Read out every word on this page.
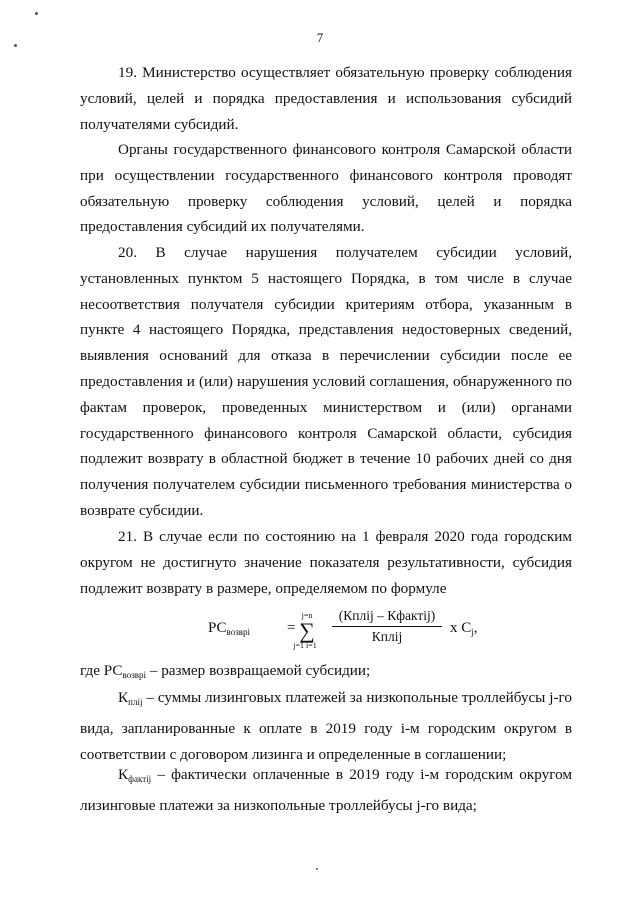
7

19. Министерство осуществляет обязательную проверку соблюдения условий, целей и порядка предоставления и использования субсидий получателями субсидий.

Органы государственного финансового контроля Самарской области при осуществлении государственного финансового контроля проводят обязательную проверку соблюдения условий, целей и порядка предоставления субсидий их получателями.

20. В случае нарушения получателем субсидии условий, установленных пунктом 5 настоящего Порядка, в том числе в случае несоответствия получателя субсидии критериям отбора, указанным в пункте 4 настоящего Порядка, представления недостоверных сведений, выявления оснований для отказа в перечислении субсидии после ее предоставления и (или) нарушения условий соглашения, обнаруженного по фактам проверок, проведенных министерством и (или) органами государственного финансового контроля Самарской области, субсидия подлежит возврату в областной бюджет в течение 10 рабочих дней со дня получения получателем субсидии письменного требования министерства о возврате субсидии.

21. В случае если по состоянию на 1 февраля 2020 года городским округом не достигнуто значение показателя результативности, субсидия подлежит возврату в размере, определяемом по формуле

$РС_{возврi}$ =
j=n
∑
j=1 i=1
(Кплij – Кфактij)
Кплij
х $С_j$,

где $РС_{возврi}$ – размер возвращаемой субсидии;

$К_{плij}$ – суммы лизинговых платежей за низкопольные троллейбусы j-го вида, запланированные к оплате в 2019 году i-м городским округом в соответствии с договором лизинга и определенные в соглашении;

$К_{фактij}$ – фактически оплаченные в 2019 году i-м городским округом лизинговые платежи за низкопольные троллейбусы j-го вида;
